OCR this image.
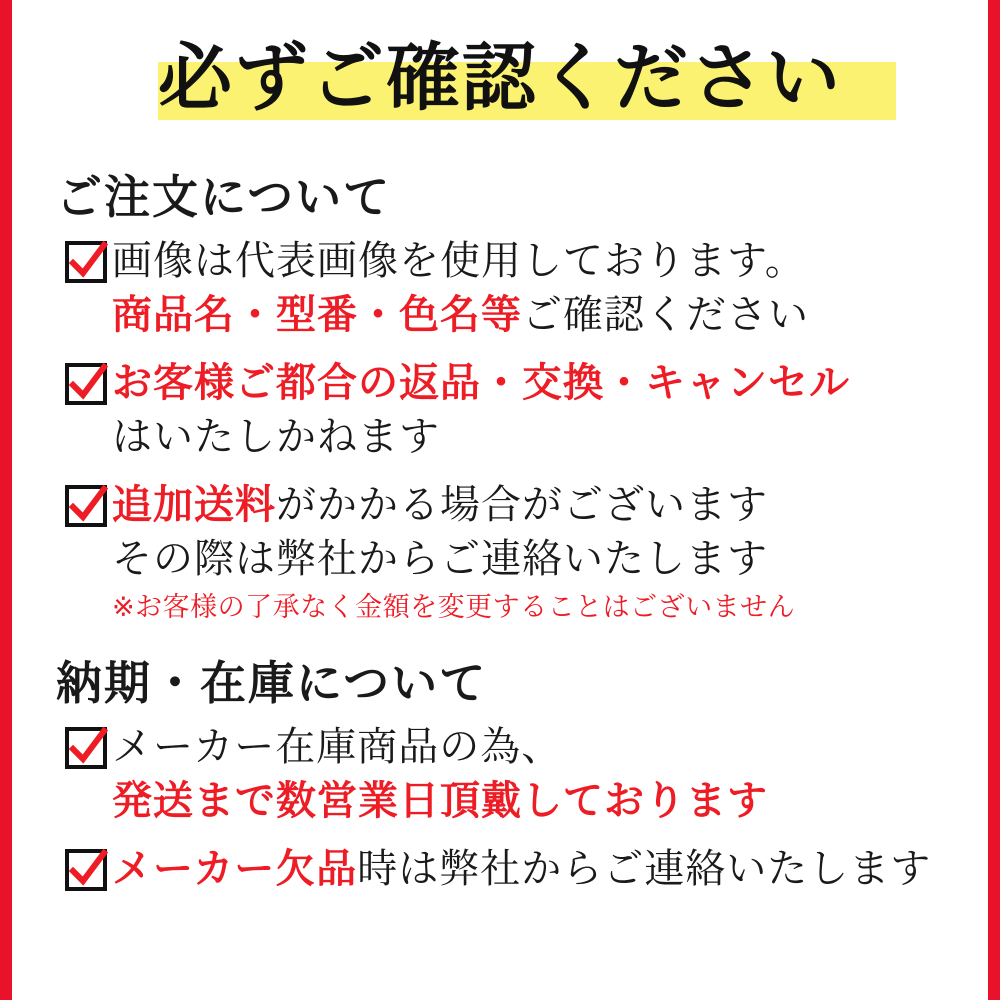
必ずご確認ください
ご注文について
画像は代表画像を使用しております。
商品名・型番・色名等ご確認ください
お客様ご都合の返品・交換・キャンセル
はいたしかねます
追加送料がかかる場合がございます
その際は弊社からご連絡いたします
※お客様の了承なく金額を変更することはございません
納期・在庫について
メーカー在庫商品の為、
発送まで数営業日頂戴しております
メーカー欠品時は弊社からご連絡いたします
